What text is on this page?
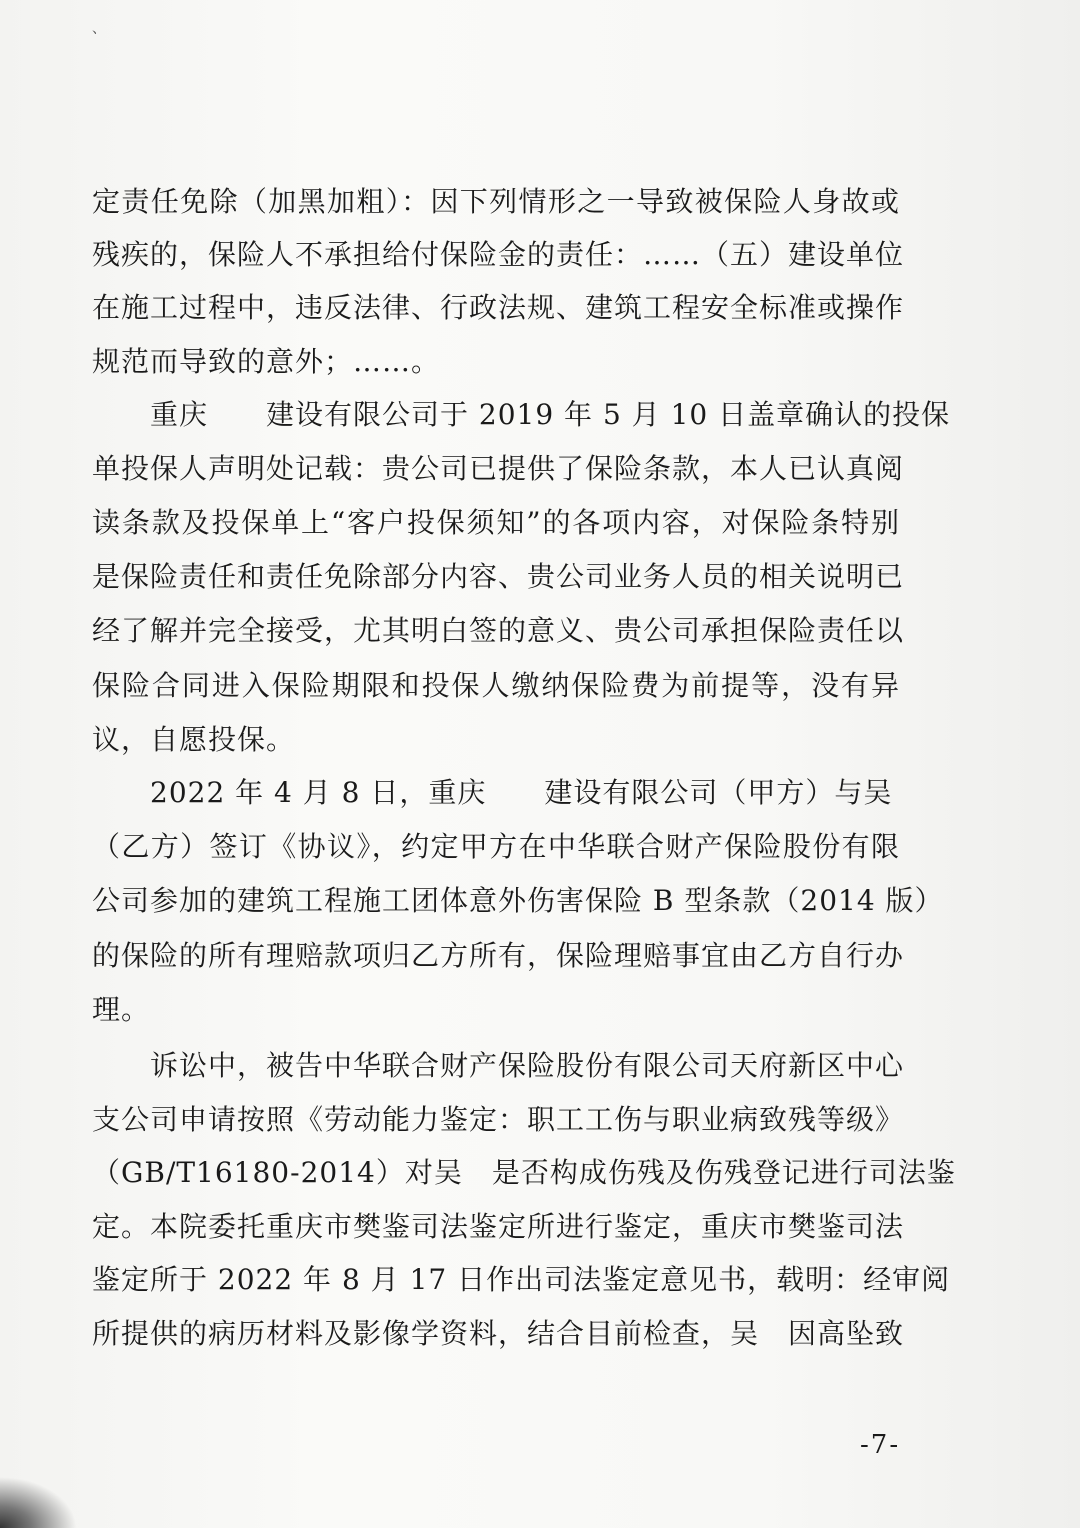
、
定责任免除（加黑加粗）：因下列情形之一导致被保险人身故或
残疾的，保险人不承担给付保险金的责任：……（五）建设单位
在施工过程中，违反法律、行政法规、建筑工程安全标准或操作
规范而导致的意外；……。
重庆　　建设有限公司于 2019 年 5 月 10 日盖章确认的投保
单投保人声明处记载：贵公司已提供了保险条款，本人已认真阅
读条款及投保单上“客户投保须知”的各项内容，对保险条特别
是保险责任和责任免除部分内容、贵公司业务人员的相关说明已
经了解并完全接受，尤其明白签的意义、贵公司承担保险责任以
保险合同进入保险期限和投保人缴纳保险费为前提等，没有异
议，自愿投保。
2022 年 4 月 8 日，重庆　　建设有限公司（甲方）与吴
（乙方）签订《协议》，约定甲方在中华联合财产保险股份有限
公司参加的建筑工程施工团体意外伤害保险 B 型条款（2014 版）
的保险的所有理赔款项归乙方所有，保险理赔事宜由乙方自行办
理。
诉讼中，被告中华联合财产保险股份有限公司天府新区中心
支公司申请按照《劳动能力鉴定：职工工伤与职业病致残等级》
（GB/T16180-2014）对吴　是否构成伤残及伤残登记进行司法鉴
定。本院委托重庆市樊鉴司法鉴定所进行鉴定，重庆市樊鉴司法
鉴定所于 2022 年 8 月 17 日作出司法鉴定意见书，载明：经审阅
所提供的病历材料及影像学资料，结合目前检查，吴　因高坠致
-7-
